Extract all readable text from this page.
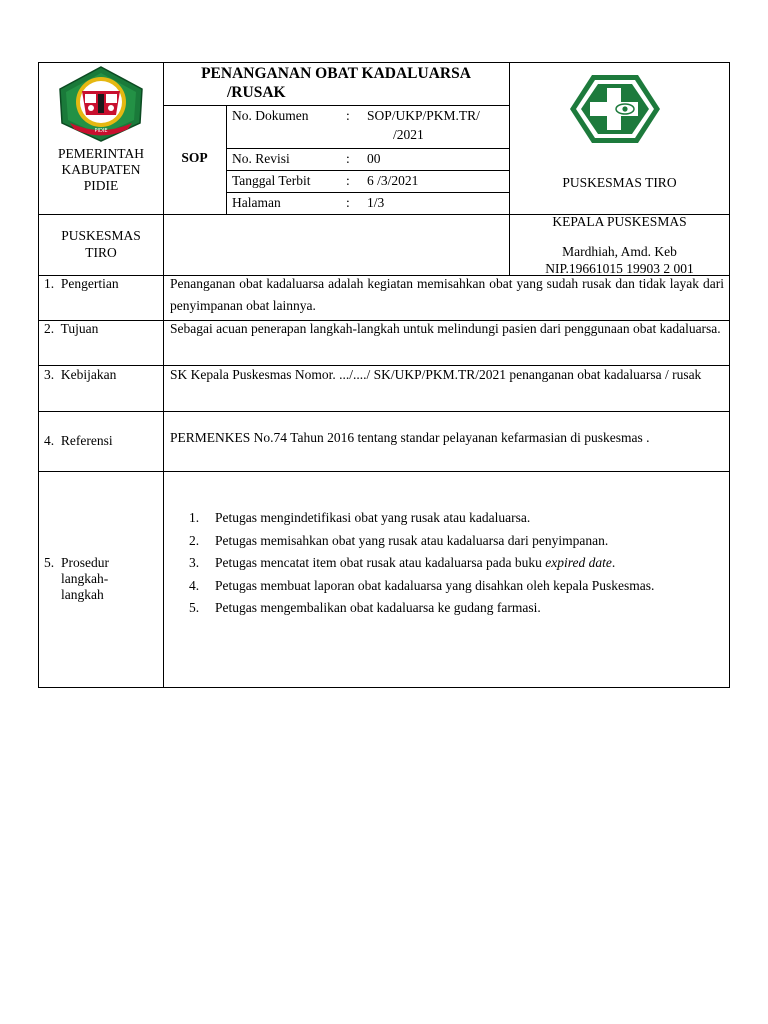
PIDIE
PEMERINTAH
KABUPATEN
PIDIE
PENANGANAN OBAT KADALUARSA
/RUSAK
SOP
No. Dokumen	: SOP/UKP/PKM.TR/
/2021
No. Revisi	: 00
Tanggal Terbit	: 6 /3/2021
Halaman	: 1/3
PUSKESMAS TIRO
PUSKESMAS
TIRO
KEPALA PUSKESMAS
Mardhiah, Amd. Keb
NIP.19661015 19903 2 001
1.  Pengertian	Penanganan obat kadaluarsa adalah kegiatan memisahkan obat yang sudah rusak dan tidak layak dari penyimpanan obat lainnya.
2.  Tujuan	Sebagai acuan penerapan langkah-langkah untuk melindungi pasien dari penggunaan obat kadaluarsa.
3.  Kebijakan	SK Kepala Puskesmas Nomor. .../..../ SK/UKP/PKM.TR/2021 penanganan obat kadaluarsa / rusak
4.  Referensi	PERMENKES No.74 Tahun 2016 tentang standar pelayanan kefarmasian di puskesmas .
5. Prosedur
langkah-
langkah
1.	Petugas mengindetifikasi obat yang rusak atau kadaluarsa.
2.	Petugas memisahkan obat yang rusak atau kadaluarsa dari penyimpanan.
3.	Petugas mencatat item obat rusak atau kadaluarsa pada buku expired date.
4.	Petugas membuat laporan obat kadaluarsa yang disahkan oleh kepala Puskesmas.
5.	Petugas mengembalikan obat kadaluarsa ke gudang farmasi.
